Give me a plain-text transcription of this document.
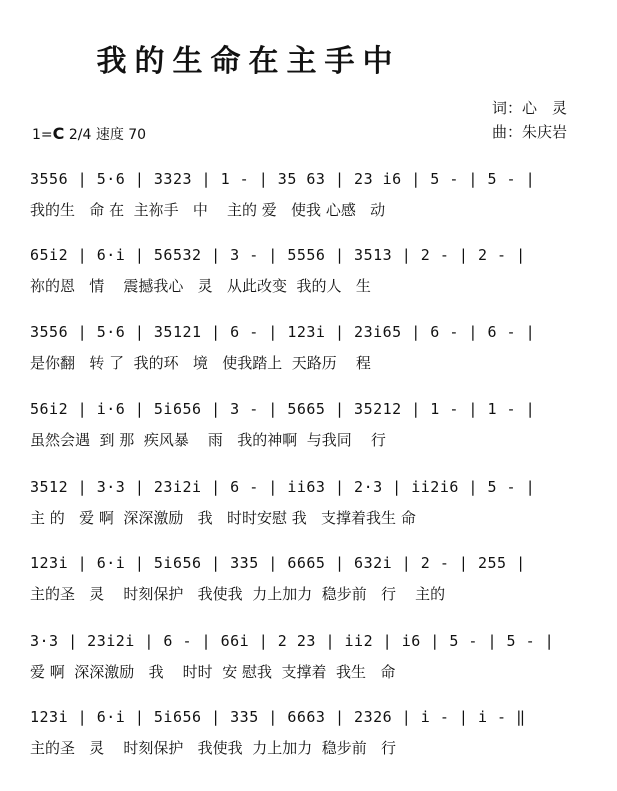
我的生命在主手中
词：心　灵
曲：朱庆岩
1=C 2/4 速度 70
3556 | 5·6 | 3323 | 1 - | 35 63 | 23 i6 | 5 - | 5 - |
我的生   命 在  主祢手   中    主的 爱   使我 心感   动
65i2 | 6·i | 56532 | 3 - | 5556 | 3513 | 2 - | 2 - |
祢的恩   情    震撼我心   灵   从此改变  我的人   生
3556 | 5·6 | 35121 | 6 - | 123i | 23i65 | 6 - | 6 - |
是你翻   转 了  我的环   境   使我踏上  天路历    程
56i2 | i·6 | 5i656 | 3 - | 5665 | 35212 | 1 - | 1 - |
虽然会遇  到 那  疾风暴    雨   我的神啊  与我同    行
3512 | 3·3 | 23i2i | 6 - | ii63 | 2·3 | ii2i6 | 5 - |
主 的   爱 啊  深深激励   我   时时安慰 我   支撑着我生 命
123i | 6·i | 5i656 | 335 | 6665 | 632i | 2 - | 255 |
主的圣   灵    时刻保护   我使我  力上加力  稳步前   行    主的
3·3 | 23i2i | 6 - | 66i | 2 23 | ii2 | i6 | 5 - | 5 - |
爱 啊  深深激励   我    时时  安 慰我  支撑着  我生   命
123i | 6·i | 5i656 | 335 | 6663 | 2326 | i - | i - ‖
主的圣   灵    时刻保护   我使我  力上加力  稳步前   行
